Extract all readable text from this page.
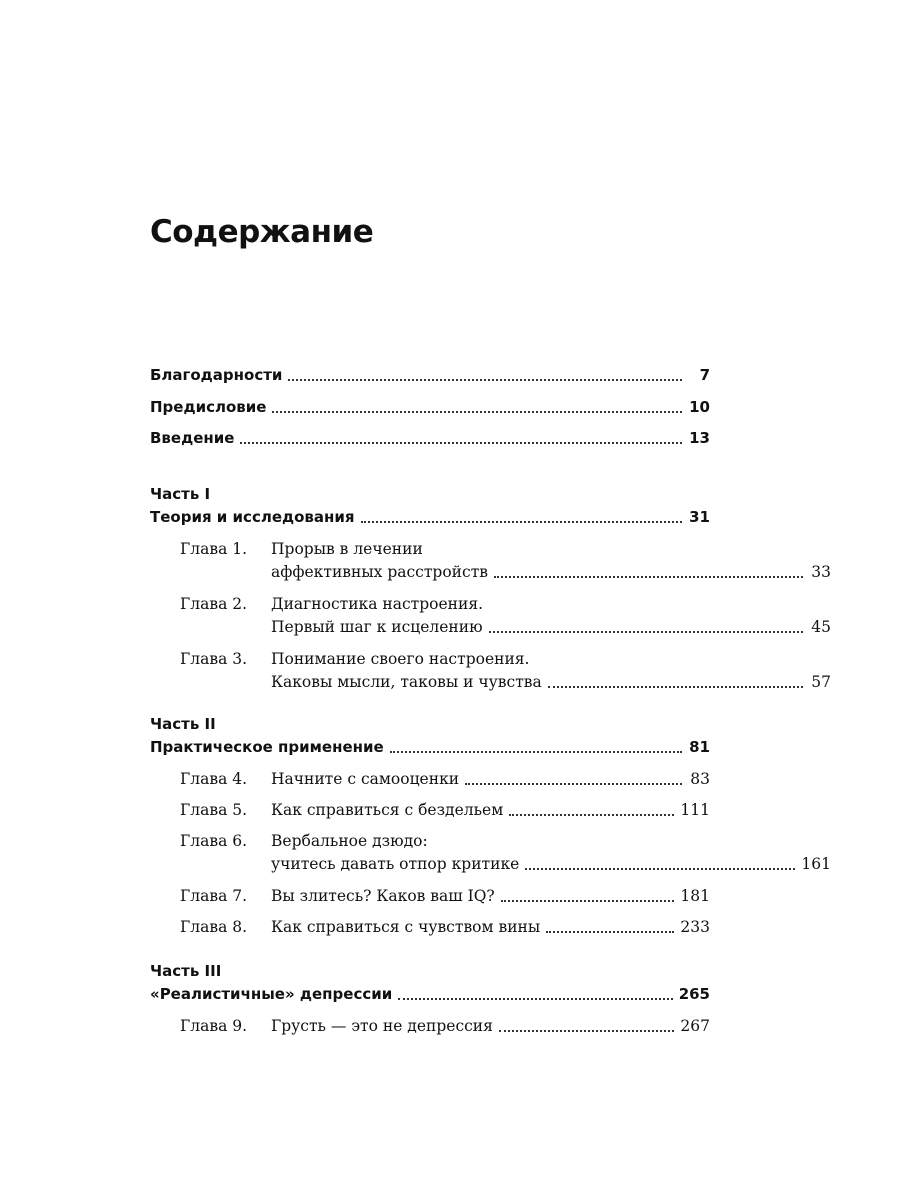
Содержание
Благодарности	7
Предисловие	10
Введение	13
Часть I
Теория и исследования	31
Глава 1. Прорыв в лечении
аффективных расстройств	33
Глава 2. Диагностика настроения.
Первый шаг к исцелению	45
Глава 3. Понимание своего настроения.
Каковы мысли, таковы и чувства	57
Часть II
Практическое применение	81
Глава 4.	Начните с самооценки	83
Глава 5.	Как справиться с бездельем	111
Глава 6. Вербальное дзюдо:
учитесь давать отпор критике	161
Глава 7.	Вы злитесь? Каков ваш IQ?	181
Глава 8.	Как справиться с чувством вины	233
Часть III
«Реалистичные» депрессии	265
Глава 9.	Грусть — это не депрессия	267
